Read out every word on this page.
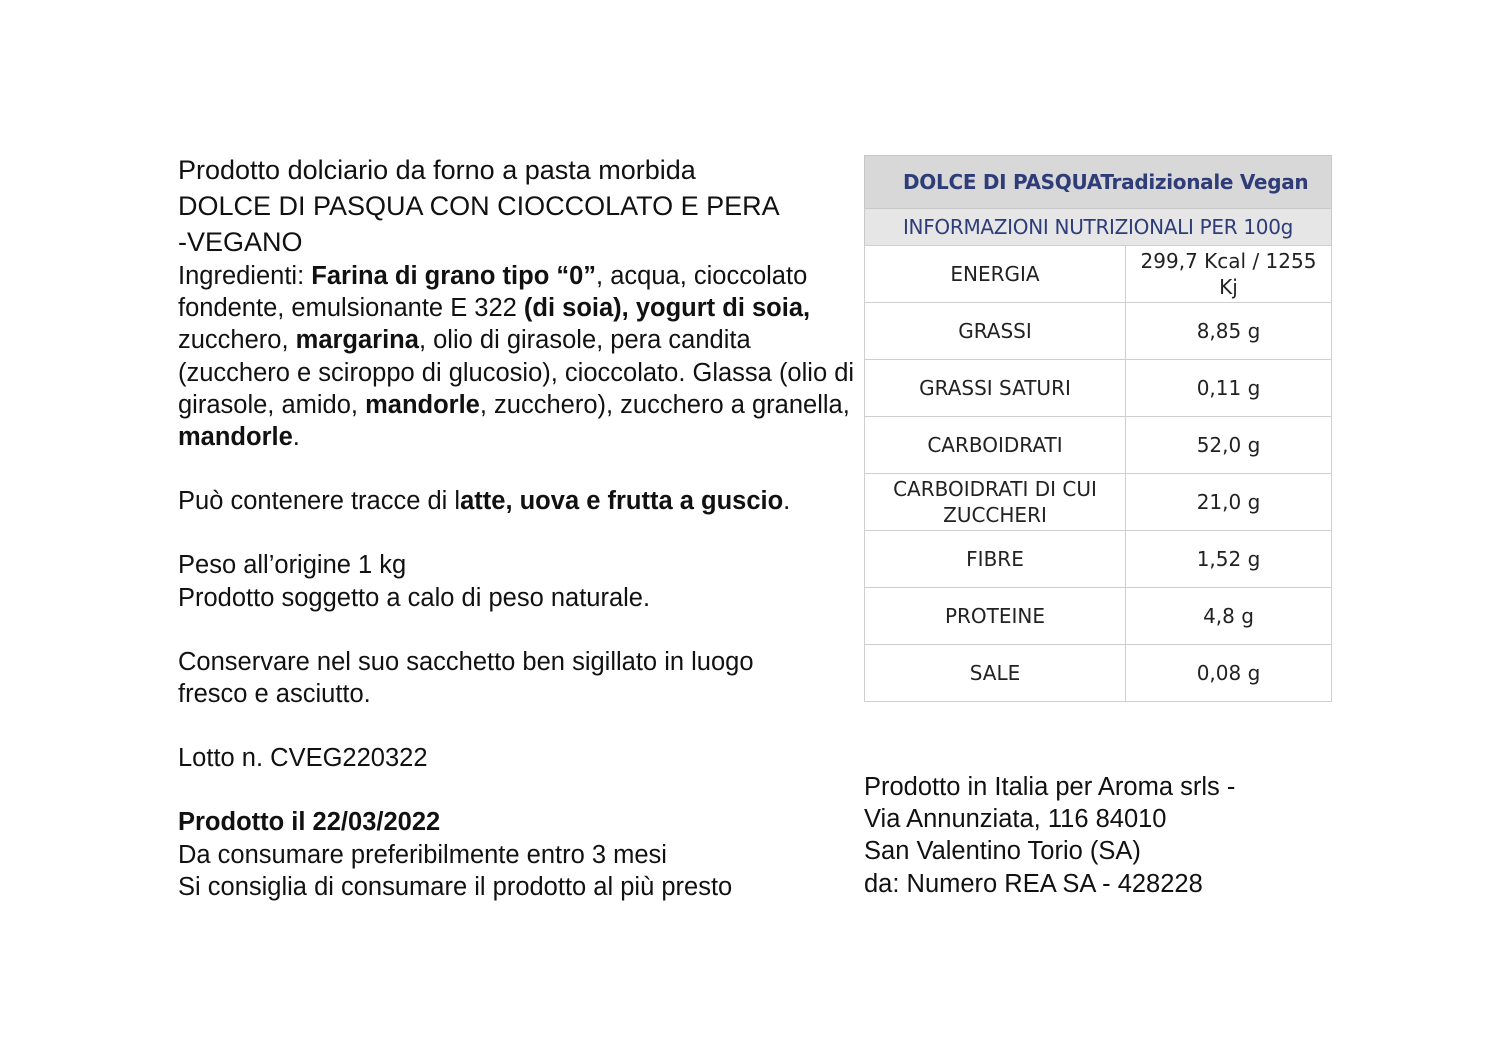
Prodotto dolciario da forno a pasta morbida

DOLCE DI PASQUA CON CIOCCOLATO E PERA

-VEGANO

Ingredienti: Farina di grano tipo “0”, acqua, cioccolato fondente, emulsionante E 322 (di soia), yogurt di soia, zucchero, margarina, olio di girasole, pera candita (zucchero e sciroppo di glucosio), cioccolato. Glassa (olio di girasole, amido, mandorle, zucchero), zucchero a granella, mandorle.

Può contenere tracce di latte, uova e frutta a guscio.

Peso all’origine 1 kg

Prodotto soggetto a calo di peso naturale.

Conservare nel suo sacchetto ben sigillato in luogo

fresco e asciutto.

Lotto n. CVEG220322

Prodotto il 22/03/2022

Da consumare preferibilmente entro 3 mesi

Si consiglia di consumare il prodotto al più presto

DOLCE DI PASQUATradizionale Vegan
INFORMAZIONI NUTRIZIONALI PER 100g
ENERGIA	299,7 Kcal / 1255 Kj
GRASSI	8,85 g
GRASSI SATURI	0,11 g
CARBOIDRATI	52,0 g
CARBOIDRATI DI CUI ZUCCHERI	21,0 g
FIBRE	1,52 g
PROTEINE	4,8 g
SALE	0,08 g

Prodotto in Italia per Aroma srls -

Via Annunziata, 116 84010

San Valentino Torio (SA)

da: Numero REA SA - 428228
